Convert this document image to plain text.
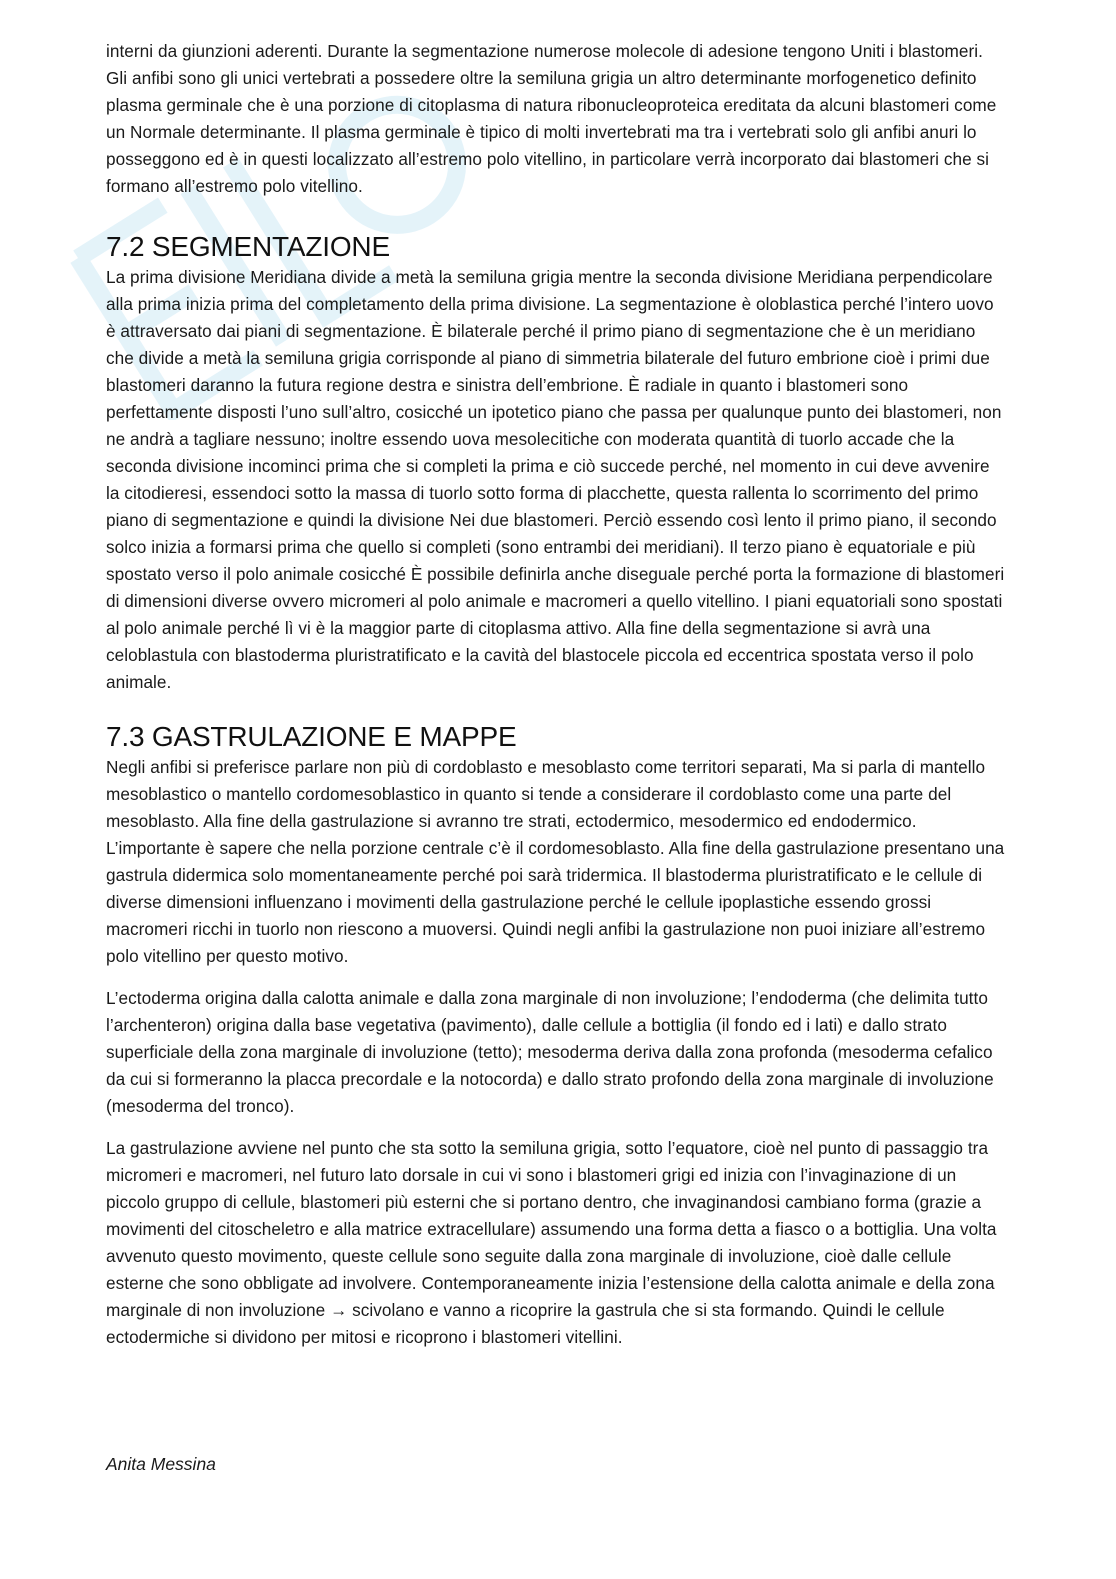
interni da giunzioni aderenti. Durante la segmentazione numerose molecole di adesione tengono Uniti i blastomeri. Gli anfibi sono gli unici vertebrati a possedere oltre la semiluna grigia un altro determinante morfogenetico definito plasma germinale che è una porzione di citoplasma di natura ribonucleoproteica ereditata da alcuni blastomeri come un Normale determinante. Il plasma germinale è tipico di molti invertebrati ma tra i vertebrati solo gli anfibi anuri lo posseggono ed è in questi localizzato all’estremo polo vitellino, in particolare verrà incorporato dai blastomeri che si formano all’estremo polo vitellino.

7.2 SEGMENTAZIONE

La prima divisione Meridiana divide a metà la semiluna grigia mentre la seconda divisione Meridiana perpendicolare alla prima inizia prima del completamento della prima divisione. La segmentazione è oloblastica perché l’intero uovo è attraversato dai piani di segmentazione. È bilaterale perché il primo piano di segmentazione che è un meridiano che divide a metà la semiluna grigia corrisponde al piano di simmetria bilaterale del futuro embrione cioè i primi due blastomeri daranno la futura regione destra e sinistra dell’embrione. È radiale in quanto i blastomeri sono perfettamente disposti l’uno sull’altro, cosicché un ipotetico piano che passa per qualunque punto dei blastomeri, non ne andrà a tagliare nessuno; inoltre essendo uova mesolecitiche con moderata quantità di tuorlo accade che la seconda divisione incominci prima che si completi la prima e ciò succede perché, nel momento in cui deve avvenire la citodieresi, essendoci sotto la massa di tuorlo sotto forma di placchette, questa rallenta lo scorrimento del primo piano di segmentazione e quindi la divisione Nei due blastomeri. Perciò essendo così lento il primo piano, il secondo solco inizia a formarsi prima che quello si completi (sono entrambi dei meridiani). Il terzo piano è equatoriale e più spostato verso il polo animale cosicché È possibile definirla anche diseguale perché porta la formazione di blastomeri di dimensioni diverse ovvero micromeri al polo animale e macromeri a quello vitellino. I piani equatoriali sono spostati al polo animale perché lì vi è la maggior parte di citoplasma attivo. Alla fine della segmentazione si avrà una celoblastula con blastoderma pluristratificato e la cavità del blastocele piccola ed eccentrica spostata verso il polo animale.

7.3 GASTRULAZIONE E MAPPE

Negli anfibi si preferisce parlare non più di cordoblasto e mesoblasto come territori separati, Ma si parla di mantello mesoblastico o mantello cordomesoblastico in quanto si tende a considerare il cordoblasto come una parte del mesoblasto. Alla fine della gastrulazione si avranno tre strati, ectodermico, mesodermico ed endodermico. L’importante è sapere che nella porzione centrale c’è il cordomesoblasto. Alla fine della gastrulazione presentano una gastrula didermica solo momentaneamente perché poi sarà tridermica. Il blastoderma pluristratificato e le cellule di diverse dimensioni influenzano i movimenti della gastrulazione perché le cellule ipoplastiche essendo grossi macromeri ricchi in tuorlo non riescono a muoversi. Quindi negli anfibi la gastrulazione non puoi iniziare all’estremo polo vitellino per questo motivo.

L’ectoderma origina dalla calotta animale e dalla zona marginale di non involuzione; l’endoderma (che delimita tutto l’archenteron) origina dalla base vegetativa (pavimento), dalle cellule a bottiglia (il fondo ed i lati) e dallo strato superficiale della zona marginale di involuzione (tetto); mesoderma deriva dalla zona profonda (mesoderma cefalico da cui si formeranno la placca precordale e la notocorda) e dallo strato profondo della zona marginale di involuzione (mesoderma del tronco).

La gastrulazione avviene nel punto che sta sotto la semiluna grigia, sotto l’equatore, cioè nel punto di passaggio tra micromeri e macromeri, nel futuro lato dorsale in cui vi sono i blastomeri grigi ed inizia con l’invaginazione di un piccolo gruppo di cellule, blastomeri più esterni che si portano dentro, che invaginandosi cambiano forma (grazie a movimenti del citoscheletro e alla matrice extracellulare) assumendo una forma detta a fiasco o a bottiglia. Una volta avvenuto questo movimento, queste cellule sono seguite dalla zona marginale di involuzione, cioè dalle cellule esterne che sono obbligate ad involvere. Contemporaneamente inizia l’estensione della calotta animale e della zona marginale di non involuzione → scivolano e vanno a ricoprire la gastrula che si sta formando. Quindi le cellule ectodermiche si dividono per mitosi e ricoprono i blastomeri vitellini.

Anita Messina
